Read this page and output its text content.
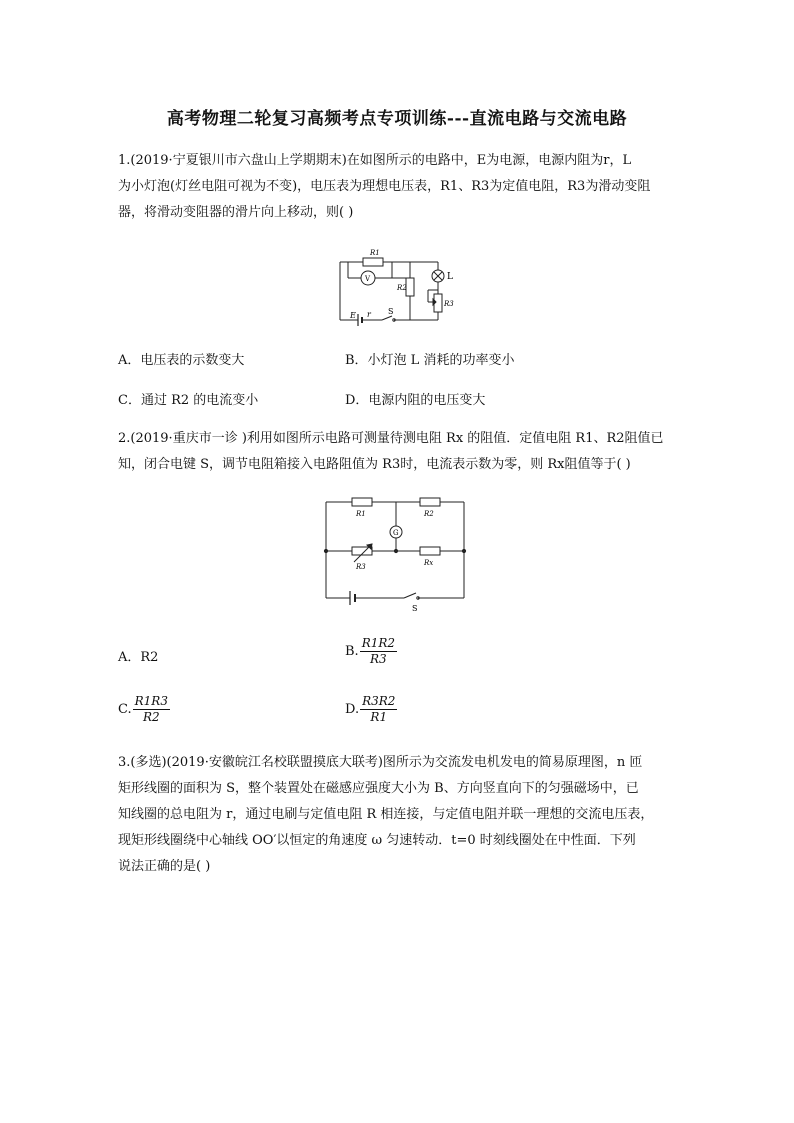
高考物理二轮复习高频考点专项训练---直流电路与交流电路
1.(2019·宁夏银川市六盘山上学期期末)在如图所示的电路中，E为电源，电源内阻为r，L
为小灯泡(灯丝电阻可视为不变)，电压表为理想电压表，R1、R3为定值电阻，R3为滑动变阻
器，将滑动变阻器的滑片向上移动，则( )
R1
V
R2
L
R3
E r S
A．电压表的示数变大	B．小灯泡 L 消耗的功率变小
C．通过 R2 的电流变小	D．电源内阻的电压变大
2.(2019·重庆市一诊 )利用如图所示电路可测量待测电阻 Rx 的阻值．定值电阻 R1、R2阻值已
知，闭合电键 S，调节电阻箱接入电路阻值为 R3时，电流表示数为零，则 Rx阻值等于( )
R1	R2
G
R3	Rx
S
A．R2	B. $\frac{R1R2}{R3}$
C. $\frac{R1R3}{R2}$	D. $\frac{R3R2}{R1}$
3.(多选)(2019·安徽皖江名校联盟摸底大联考)图所示为交流发电机发电的简易原理图，n 匝
矩形线圈的面积为 S，整个装置处在磁感应强度大小为 B、方向竖直向下的匀强磁场中，已
知线圈的总电阻为 r，通过电刷与定值电阻 R 相连接，与定值电阻并联一理想的交流电压表，
现矩形线圈绕中心轴线 OO′以恒定的角速度 ω 匀速转动．t=0 时刻线圈处在中性面．下列
说法正确的是( )
